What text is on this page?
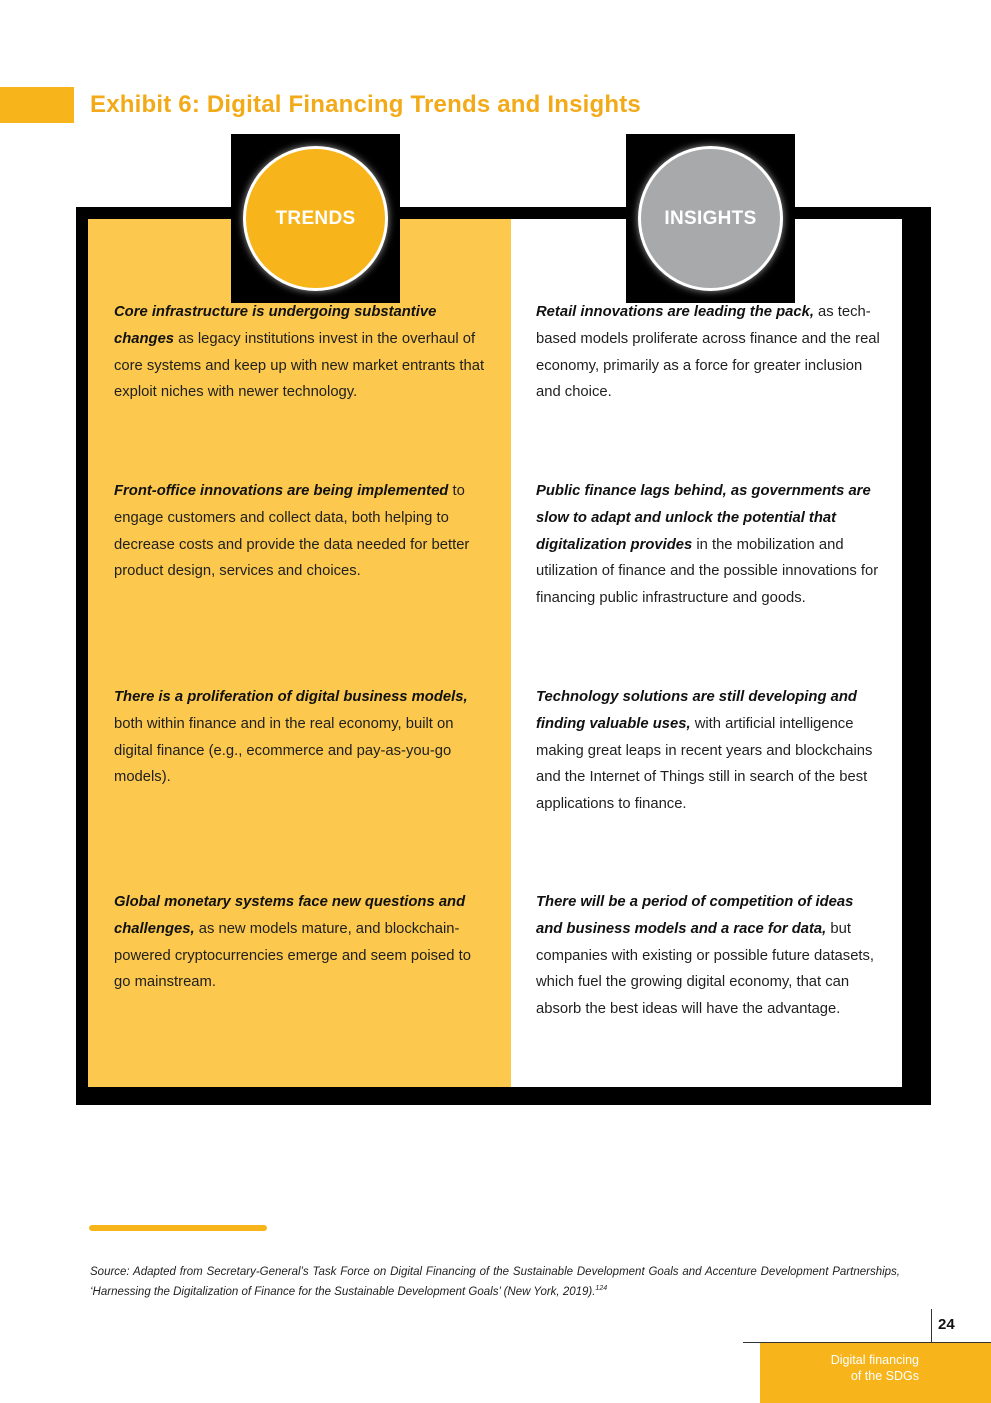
Exhibit 6: Digital Financing Trends and Insights
TRENDS	INSIGHTS

Core infrastructure is undergoing substantive changes as legacy institutions invest in the overhaul of core systems and keep up with new market entrants that exploit niches with newer technology.

Front-office innovations are being implemented to engage customers and collect data, both helping to decrease costs and provide the data needed for better product design, services and choices.

There is a proliferation of digital business models, both within finance and in the real economy, built on digital finance (e.g., ecommerce and pay-as-you-go models).

Global monetary systems face new questions and challenges, as new models mature, and blockchain-powered cryptocurrencies emerge and seem poised to go mainstream.

Retail innovations are leading the pack, as tech-based models proliferate across finance and the real economy, primarily as a force for greater inclusion and choice.

Public finance lags behind, as governments are slow to adapt and unlock the potential that digitalization provides in the mobilization and utilization of finance and the possible innovations for financing public infrastructure and goods.

Technology solutions are still developing and finding valuable uses, with artificial intelligence making great leaps in recent years and blockchains and the Internet of Things still in search of the best applications to finance.

There will be a period of competition of ideas and business models and a race for data, but companies with existing or possible future datasets, which fuel the growing digital economy, that can absorb the best ideas will have the advantage.

Source: Adapted from Secretary-General’s Task Force on Digital Financing of the Sustainable Development Goals and Accenture Development Partnerships, ‘Harnessing the Digitalization of Finance for the Sustainable Development Goals’ (New York, 2019).$^{124}$

24
Digital financing
of the SDGs
